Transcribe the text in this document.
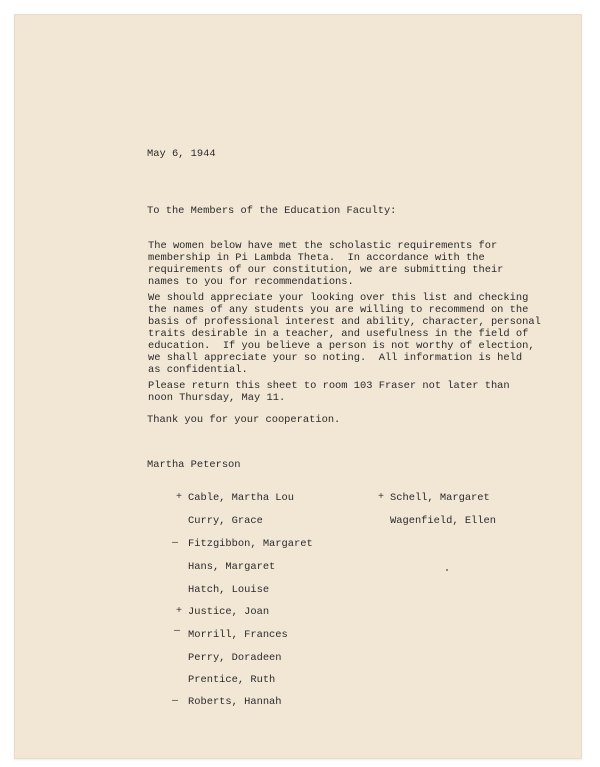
May 6, 1944
To the Members of the Education Faculty:
The women below have met the scholastic requirements for
membership in Pi Lambda Theta.  In accordance with the
requirements of our constitution, we are submitting their
names to you for recommendations.
We should appreciate your looking over this list and checking
the names of any students you are willing to recommend on the
basis of professional interest and ability, character, personal
traits desirable in a teacher, and usefulness in the field of
education.  If you believe a person is not worthy of election,
we shall appreciate your so noting.  All information is held
as confidential.
Please return this sheet to room 103 Fraser not later than
noon Thursday, May 11.
Thank you for your cooperation.
Martha Peterson
+ Cable, Martha Lou
Curry, Grace
— Fitzgibbon, Margaret
Hans, Margaret
Hatch, Louise
+ Justice, Joan
— Morrill, Frances
Perry, Doradeen
Prentice, Ruth
— Roberts, Hannah
+ Schell, Margaret
Wagenfield, Ellen
